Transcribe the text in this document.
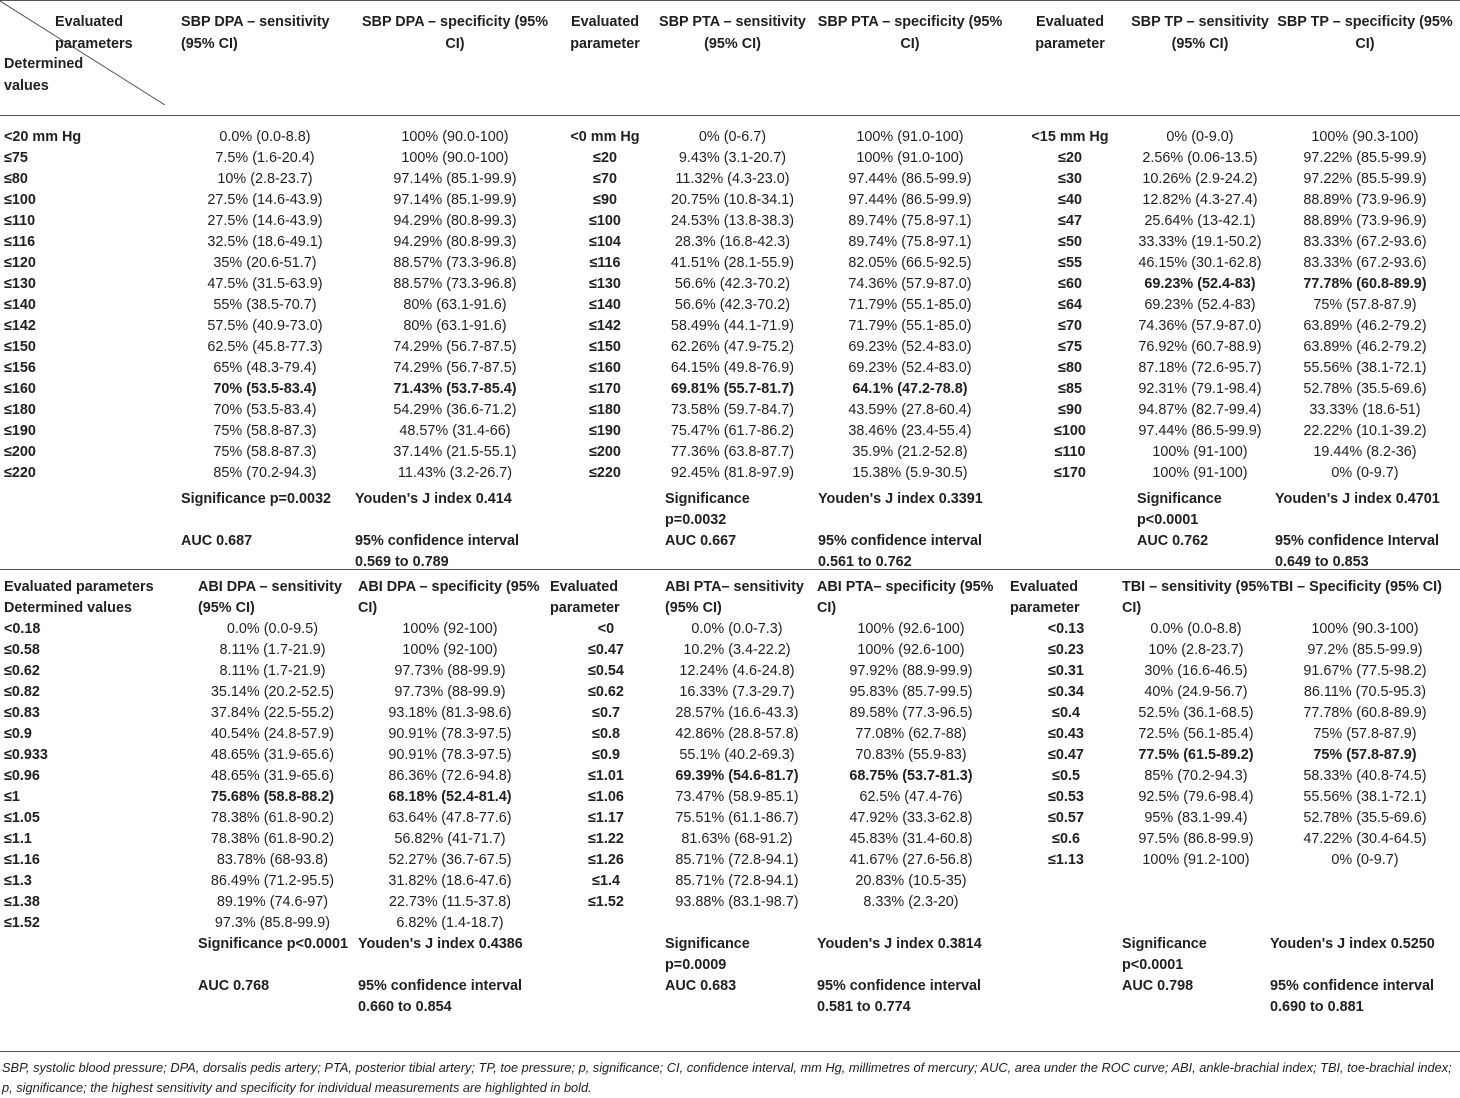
Evaluated parameters
Determined values	SBP DPA – sensitivity (95% CI)	SBP DPA – specificity (95% CI)	Evaluated parameter	SBP PTA – sensitivity (95% CI)	SBP PTA – specificity (95% CI)	Evaluated parameter	SBP TP – sensitivity (95% CI)	SBP TP – specificity (95% CI)
<20 mm Hg	0.0% (0.0-8.8)	100% (90.0-100)	<0 mm Hg	0% (0-6.7)	100% (91.0-100)	<15 mm Hg	0% (0-9.0)	100% (90.3-100)
≤75	7.5% (1.6-20.4)	100% (90.0-100)	≤20	9.43% (3.1-20.7)	100% (91.0-100)	≤20	2.56% (0.06-13.5)	97.22% (85.5-99.9)
≤80	10% (2.8-23.7)	97.14% (85.1-99.9)	≤70	11.32% (4.3-23.0)	97.44% (86.5-99.9)	≤30	10.26% (2.9-24.2)	97.22% (85.5-99.9)
≤100	27.5% (14.6-43.9)	97.14% (85.1-99.9)	≤90	20.75% (10.8-34.1)	97.44% (86.5-99.9)	≤40	12.82% (4.3-27.4)	88.89% (73.9-96.9)
≤110	27.5% (14.6-43.9)	94.29% (80.8-99.3)	≤100	24.53% (13.8-38.3)	89.74% (75.8-97.1)	≤47	25.64% (13-42.1)	88.89% (73.9-96.9)
≤116	32.5% (18.6-49.1)	94.29% (80.8-99.3)	≤104	28.3% (16.8-42.3)	89.74% (75.8-97.1)	≤50	33.33% (19.1-50.2)	83.33% (67.2-93.6)
≤120	35% (20.6-51.7)	88.57% (73.3-96.8)	≤116	41.51% (28.1-55.9)	82.05% (66.5-92.5)	≤55	46.15% (30.1-62.8)	83.33% (67.2-93.6)
≤130	47.5% (31.5-63.9)	88.57% (73.3-96.8)	≤130	56.6% (42.3-70.2)	74.36% (57.9-87.0)	≤60	69.23% (52.4-83)	77.78% (60.8-89.9)
≤140	55% (38.5-70.7)	80% (63.1-91.6)	≤140	56.6% (42.3-70.2)	71.79% (55.1-85.0)	≤64	69.23% (52.4-83)	75% (57.8-87.9)
≤142	57.5% (40.9-73.0)	80% (63.1-91.6)	≤142	58.49% (44.1-71.9)	71.79% (55.1-85.0)	≤70	74.36% (57.9-87.0)	63.89% (46.2-79.2)
≤150	62.5% (45.8-77.3)	74.29% (56.7-87.5)	≤150	62.26% (47.9-75.2)	69.23% (52.4-83.0)	≤75	76.92% (60.7-88.9)	63.89% (46.2-79.2)
≤156	65% (48.3-79.4)	74.29% (56.7-87.5)	≤160	64.15% (49.8-76.9)	69.23% (52.4-83.0)	≤80	87.18% (72.6-95.7)	55.56% (38.1-72.1)
≤160	70% (53.5-83.4)	71.43% (53.7-85.4)	≤170	69.81% (55.7-81.7)	64.1% (47.2-78.8)	≤85	92.31% (79.1-98.4)	52.78% (35.5-69.6)
≤180	70% (53.5-83.4)	54.29% (36.6-71.2)	≤180	73.58% (59.7-84.7)	43.59% (27.8-60.4)	≤90	94.87% (82.7-99.4)	33.33% (18.6-51)
≤190	75% (58.8-87.3)	48.57% (31.4-66)	≤190	75.47% (61.7-86.2)	38.46% (23.4-55.4)	≤100	97.44% (86.5-99.9)	22.22% (10.1-39.2)
≤200	75% (58.8-87.3)	37.14% (21.5-55.1)	≤200	77.36% (63.8-87.7)	35.9% (21.2-52.8)	≤110	100% (91-100)	19.44% (8.2-36)
≤220	85% (70.2-94.3)	11.43% (3.2-26.7)	≤220	92.45% (81.8-97.9)	15.38% (5.9-30.5)	≤170	100% (91-100)	0% (0-9.7)
	Significance p=0.0032	Youden's J index 0.414		Significance p=0.0032	Youden's J index 0.3391		Significance p<0.0001	Youden's J index 0.4701
	AUC 0.687	95% confidence interval 0.569 to 0.789		AUC 0.667	95% confidence interval 0.561 to 0.762		AUC 0.762	95% confidence Interval 0.649 to 0.853
Evaluated parameters Determined values	ABI DPA – sensitivity (95% CI)	ABI DPA – specificity (95% CI)	Evaluated parameter	ABI PTA– sensitivity (95% CI)	ABI PTA– specificity (95% CI)	Evaluated parameter	TBI – sensitivity (95% CI)	TBI – Specificity (95% CI)
<0.18	0.0% (0.0-9.5)	100% (92-100)	<0	0.0% (0.0-7.3)	100% (92.6-100)	<0.13	0.0% (0.0-8.8)	100% (90.3-100)
≤0.58	8.11% (1.7-21.9)	100% (92-100)	≤0.47	10.2% (3.4-22.2)	100% (92.6-100)	≤0.23	10% (2.8-23.7)	97.2% (85.5-99.9)
≤0.62	8.11% (1.7-21.9)	97.73% (88-99.9)	≤0.54	12.24% (4.6-24.8)	97.92% (88.9-99.9)	≤0.31	30% (16.6-46.5)	91.67% (77.5-98.2)
≤0.82	35.14% (20.2-52.5)	97.73% (88-99.9)	≤0.62	16.33% (7.3-29.7)	95.83% (85.7-99.5)	≤0.34	40% (24.9-56.7)	86.11% (70.5-95.3)
≤0.83	37.84% (22.5-55.2)	93.18% (81.3-98.6)	≤0.7	28.57% (16.6-43.3)	89.58% (77.3-96.5)	≤0.4	52.5% (36.1-68.5)	77.78% (60.8-89.9)
≤0.9	40.54% (24.8-57.9)	90.91% (78.3-97.5)	≤0.8	42.86% (28.8-57.8)	77.08% (62.7-88)	≤0.43	72.5% (56.1-85.4)	75% (57.8-87.9)
≤0.933	48.65% (31.9-65.6)	90.91% (78.3-97.5)	≤0.9	55.1% (40.2-69.3)	70.83% (55.9-83)	≤0.47	77.5% (61.5-89.2)	75% (57.8-87.9)
≤0.96	48.65% (31.9-65.6)	86.36% (72.6-94.8)	≤1.01	69.39% (54.6-81.7)	68.75% (53.7-81.3)	≤0.5	85% (70.2-94.3)	58.33% (40.8-74.5)
≤1	75.68% (58.8-88.2)	68.18% (52.4-81.4)	≤1.06	73.47% (58.9-85.1)	62.5% (47.4-76)	≤0.53	92.5% (79.6-98.4)	55.56% (38.1-72.1)
≤1.05	78.38% (61.8-90.2)	63.64% (47.8-77.6)	≤1.17	75.51% (61.1-86.7)	47.92% (33.3-62.8)	≤0.57	95% (83.1-99.4)	52.78% (35.5-69.6)
≤1.1	78.38% (61.8-90.2)	56.82% (41-71.7)	≤1.22	81.63% (68-91.2)	45.83% (31.4-60.8)	≤0.6	97.5% (86.8-99.9)	47.22% (30.4-64.5)
≤1.16	83.78% (68-93.8)	52.27% (36.7-67.5)	≤1.26	85.71% (72.8-94.1)	41.67% (27.6-56.8)	≤1.13	100% (91.2-100)	0% (0-9.7)
≤1.3	86.49% (71.2-95.5)	31.82% (18.6-47.6)	≤1.4	85.71% (72.8-94.1)	20.83% (10.5-35)			
≤1.38	89.19% (74.6-97)	22.73% (11.5-37.8)	≤1.52	93.88% (83.1-98.7)	8.33% (2.3-20)			
≤1.52	97.3% (85.8-99.9)	6.82% (1.4-18.7)						
	Significance p<0.0001	Youden's J index 0.4386		Significance p=0.0009	Youden's J index 0.3814		Significance p<0.0001	Youden's J index 0.5250
	AUC 0.768	95% confidence interval 0.660 to 0.854		AUC 0.683	95% confidence interval 0.581 to 0.774		AUC 0.798	95% confidence interval 0.690 to 0.881
SBP, systolic blood pressure; DPA, dorsalis pedis artery; PTA, posterior tibial artery; TP, toe pressure; p, significance; CI, confidence interval, mm Hg, millimetres of mercury; AUC, area under the ROC curve; ABI, ankle-brachial index; TBI, toe-brachial index; p, significance; the highest sensitivity and specificity for individual measurements are highlighted in bold.
